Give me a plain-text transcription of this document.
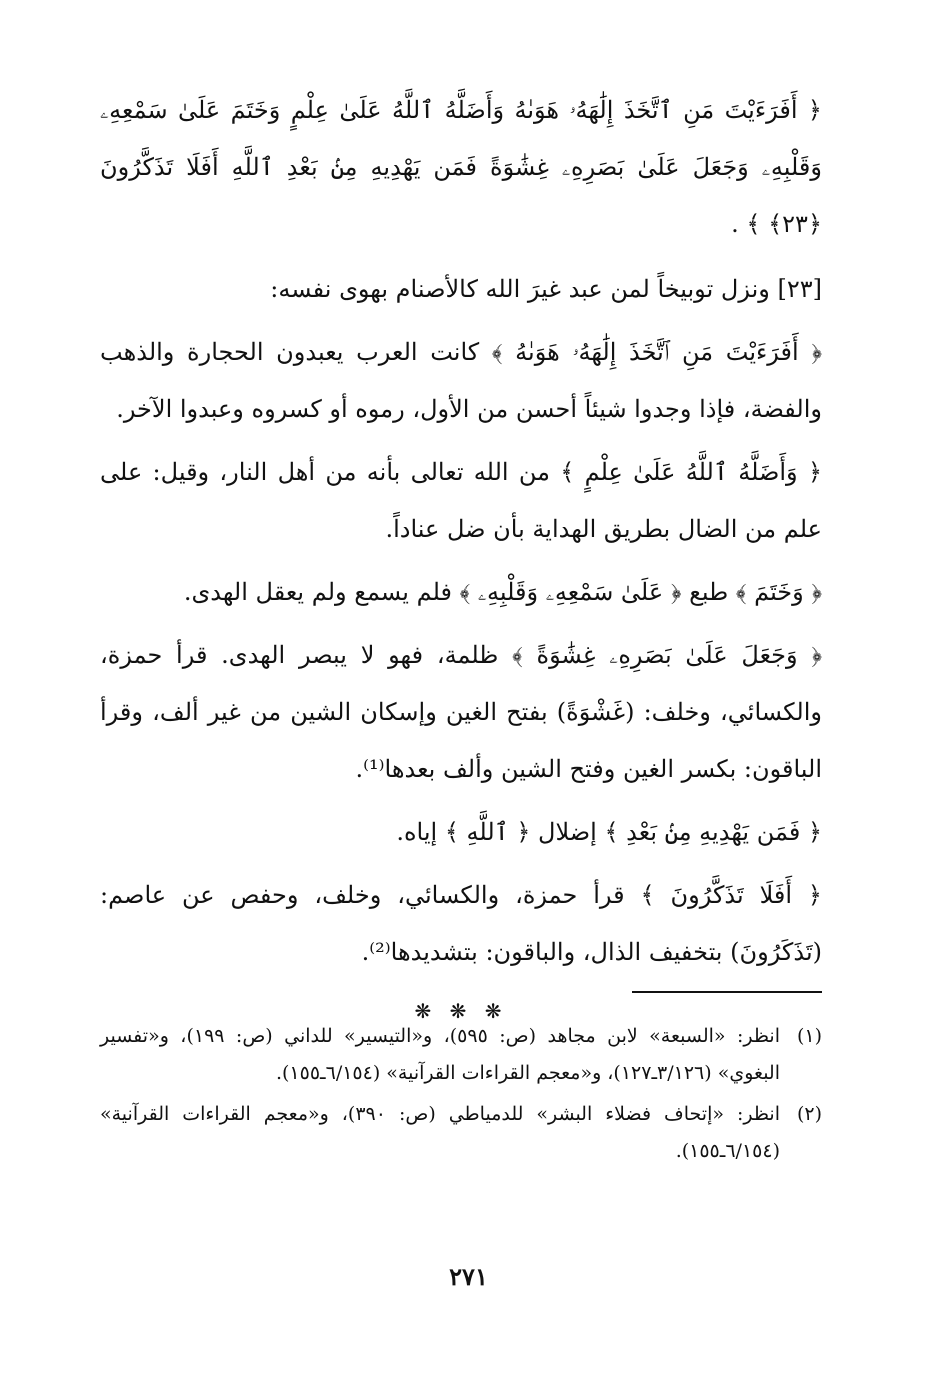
﴿ أَفَرَءَيْتَ مَنِ ٱتَّخَذَ إِلَٰهَهُۥ هَوَىٰهُ وَأَضَلَّهُ ٱللَّهُ عَلَىٰ عِلْمٍ وَخَتَمَ عَلَىٰ سَمْعِهِۦ وَقَلْبِهِۦ وَجَعَلَ عَلَىٰ بَصَرِهِۦ غِشَٰوَةً فَمَن يَهْدِيهِ مِنۢ بَعْدِ ٱللَّهِ أَفَلَا تَذَكَّرُونَ ﴿٢٣﴾ ﴾ .

[٢٣] ونزل توبيخاً لمن عبد غيرَ الله كالأصنام بهوى نفسه:

﴿ أَفَرَءَيْتَ مَنِ ٱتَّخَذَ إِلَٰهَهُۥ هَوَىٰهُ ﴾ كانت العرب يعبدون الحجارة والذهب والفضة، فإذا وجدوا شيئاً أحسن من الأول، رموه أو كسروه وعبدوا الآخر.

﴿ وَأَضَلَّهُ ٱللَّهُ عَلَىٰ عِلْمٍ ﴾ من الله تعالى بأنه من أهل النار، وقيل: على علم من الضال بطريق الهداية بأن ضل عناداً.

﴿ وَخَتَمَ ﴾ طبع ﴿ عَلَىٰ سَمْعِهِۦ وَقَلْبِهِۦ ﴾ فلم يسمع ولم يعقل الهدى.

﴿ وَجَعَلَ عَلَىٰ بَصَرِهِۦ غِشَٰوَةً ﴾ ظلمة، فهو لا يبصر الهدى. قرأ حمزة، والكسائي، وخلف: (غَشْوَةً) بفتح الغين وإسكان الشين من غير ألف، وقرأ الباقون: بكسر الغين وفتح الشين وألف بعدها⁽¹⁾.

﴿ فَمَن يَهْدِيهِ مِنۢ بَعْدِ ﴾ إضلال ﴿ ٱللَّهِ ﴾ إياه.

﴿ أَفَلَا تَذَكَّرُونَ ﴾ قرأ حمزة، والكسائي، وخلف، وحفص عن عاصم: (تَذَكَرُونَ) بتخفيف الذال، والباقون: بتشديدها⁽²⁾.

❋ ❋ ❋
(١)
انظر: «السبعة» لابن مجاهد (ص: ٥٩٥)، و«التيسير» للداني (ص: ١٩٩)، و«تفسير البغوي» (٣/١٢٦ـ١٢٧)، و«معجم القراءات القرآنية» (٦/١٥٤ـ١٥٥).
(٢)
انظر: «إتحاف فضلاء البشر» للدمياطي (ص: ٣٩٠)، و«معجم القراءات القرآنية» (٦/١٥٤ـ١٥٥).
٢٧١
